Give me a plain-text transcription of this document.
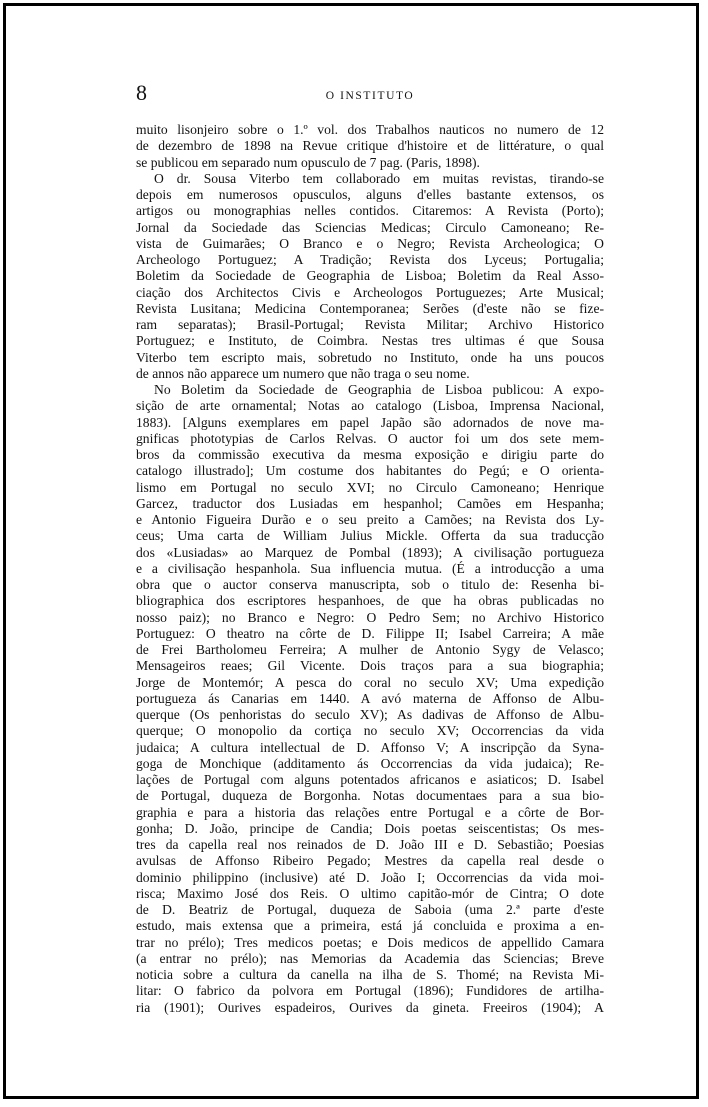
8	O INSTITUTO
muito lisonjeiro sobre o 1.º vol. dos Trabalhos nauticos no numero de 12
de dezembro de 1898 na Revue critique d'histoire et de littérature, o qual
se publicou em separado num opusculo de 7 pag. (Paris, 1898).
O dr. Sousa Viterbo tem collaborado em muitas revistas, tirando-se
depois em numerosos opusculos, alguns d'elles bastante extensos, os
artigos ou monographias nelles contidos. Citaremos: A Revista (Porto);
Jornal da Sociedade das Sciencias Medicas; Circulo Camoneano; Re-
vista de Guimarães; O Branco e o Negro; Revista Archeologica; O
Archeologo Portuguez; A Tradição; Revista dos Lyceus; Portugalia;
Boletim da Sociedade de Geographia de Lisboa; Boletim da Real Asso-
ciação dos Architectos Civis e Archeologos Portuguezes; Arte Musical;
Revista Lusitana; Medicina Contemporanea; Serões (d'este não se fize-
ram separatas); Brasil-Portugal; Revista Militar; Archivo Historico
Portuguez; e Instituto, de Coimbra. Nestas tres ultimas é que Sousa
Viterbo tem escripto mais, sobretudo no Instituto, onde ha uns poucos
de annos não apparece um numero que não traga o seu nome.
No Boletim da Sociedade de Geographia de Lisboa publicou: A expo-
sição de arte ornamental; Notas ao catalogo (Lisboa, Imprensa Nacional,
1883). [Alguns exemplares em papel Japão são adornados de nove ma-
gnificas phototypias de Carlos Relvas. O auctor foi um dos sete mem-
bros da commissão executiva da mesma exposição e dirigiu parte do
catalogo illustrado]; Um costume dos habitantes do Pegú; e O orienta-
lismo em Portugal no seculo XVI; no Circulo Camoneano; Henrique
Garcez, traductor dos Lusiadas em hespanhol; Camões em Hespanha;
e Antonio Figueira Durão e o seu preito a Camões; na Revista dos Ly-
ceus; Uma carta de William Julius Mickle. Offerta da sua traducção
dos «Lusiadas» ao Marquez de Pombal (1893); A civilisação portugueza
e a civilisação hespanhola. Sua influencia mutua. (É a introducção a uma
obra que o auctor conserva manuscripta, sob o titulo de: Resenha bi-
bliographica dos escriptores hespanhoes, de que ha obras publicadas no
nosso paiz); no Branco e Negro: O Pedro Sem; no Archivo Historico
Portuguez: O theatro na côrte de D. Filippe II; Isabel Carreira; A mãe
de Frei Bartholomeu Ferreira; A mulher de Antonio Sygy de Velasco;
Mensageiros reaes; Gil Vicente. Dois traços para a sua biographia;
Jorge de Montemór; A pesca do coral no seculo XV; Uma expedição
portugueza ás Canarias em 1440. A avó materna de Affonso de Albu-
querque (Os penhoristas do seculo XV); As dadivas de Affonso de Albu-
querque; O monopolio da cortiça no seculo XV; Occorrencias da vida
judaica; A cultura intellectual de D. Affonso V; A inscripção da Syna-
goga de Monchique (additamento ás Occorrencias da vida judaica); Re-
lações de Portugal com alguns potentados africanos e asiaticos; D. Isabel
de Portugal, duqueza de Borgonha. Notas documentaes para a sua bio-
graphia e para a historia das relações entre Portugal e a côrte de Bor-
gonha; D. João, principe de Candia; Dois poetas seiscentistas; Os mes-
tres da capella real nos reinados de D. João III e D. Sebastião; Poesias
avulsas de Affonso Ribeiro Pegado; Mestres da capella real desde o
dominio philippino (inclusive) até D. João I; Occorrencias da vida moi-
risca; Maximo José dos Reis. O ultimo capitão-mór de Cintra; O dote
de D. Beatriz de Portugal, duqueza de Saboia (uma 2.ª parte d'este
estudo, mais extensa que a primeira, está já concluida e proxima a en-
trar no prélo); Tres medicos poetas; e Dois medicos de appellido Camara
(a entrar no prélo); nas Memorias da Academia das Sciencias; Breve
noticia sobre a cultura da canella na ilha de S. Thomé; na Revista Mi-
litar: O fabrico da polvora em Portugal (1896); Fundidores de artilha-
ria (1901); Ourives espadeiros, Ourives da gineta. Freeiros (1904); A
